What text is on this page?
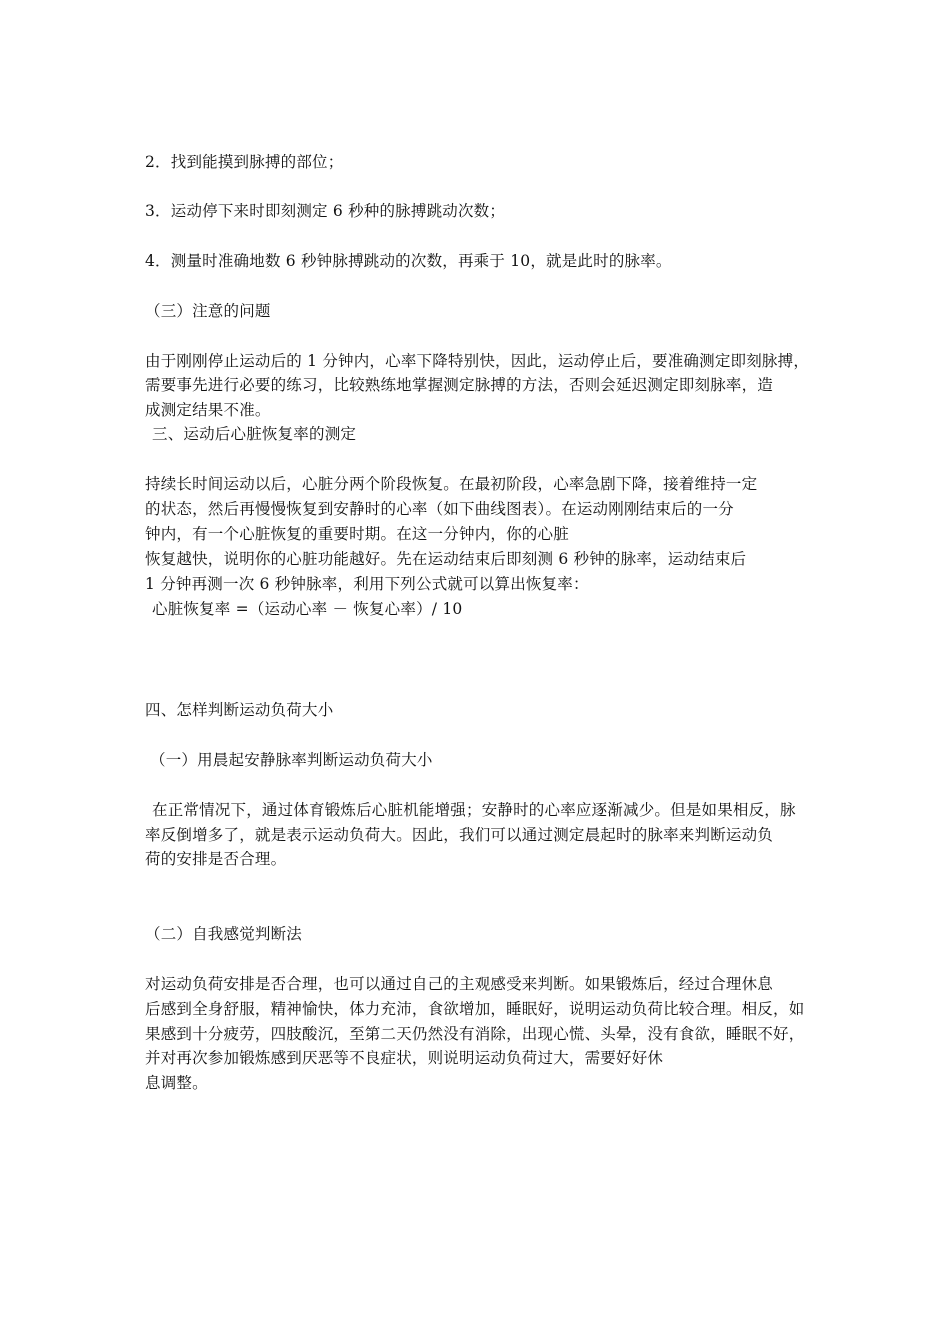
2．找到能摸到脉搏的部位；
3．运动停下来时即刻测定 6 秒种的脉搏跳动次数；
4．测量时准确地数 6 秒钟脉搏跳动的次数，再乘于 10，就是此时的脉率。
（三）注意的问题
由于刚刚停止运动后的 1 分钟内，心率下降特别快，因此，运动停止后，要准确测定即刻脉搏，
需要事先进行必要的练习，比较熟练地掌握测定脉搏的方法，否则会延迟测定即刻脉率，造
成测定结果不准。
三、运动后心脏恢复率的测定
持续长时间运动以后，心脏分两个阶段恢复。在最初阶段，心率急剧下降，接着维持一定
的状态，然后再慢慢恢复到安静时的心率（如下曲线图表）。在运动刚刚结束后的一分
钟内，有一个心脏恢复的重要时期。在这一分钟内，你的心脏
恢复越快，说明你的心脏功能越好。先在运动结束后即刻测 6 秒钟的脉率，运动结束后
1 分钟再测一次 6 秒钟脉率，利用下列公式就可以算出恢复率：
心脏恢复率 =（运动心率 － 恢复心率）/ 10
四、怎样判断运动负荷大小
（一）用晨起安静脉率判断运动负荷大小
在正常情况下，通过体育锻炼后心脏机能增强；安静时的心率应逐渐减少。但是如果相反，脉
率反倒增多了，就是表示运动负荷大。因此，我们可以通过测定晨起时的脉率来判断运动负
荷的安排是否合理。
（二）自我感觉判断法
对运动负荷安排是否合理，也可以通过自己的主观感受来判断。如果锻炼后，经过合理休息
后感到全身舒服，精神愉快，体力充沛，食欲增加，睡眠好，说明运动负荷比较合理。相反，如
果感到十分疲劳，四肢酸沉，至第二天仍然没有消除，出现心慌、头晕，没有食欲，睡眠不好，
并对再次参加锻炼感到厌恶等不良症状，则说明运动负荷过大，需要好好休
息调整。
